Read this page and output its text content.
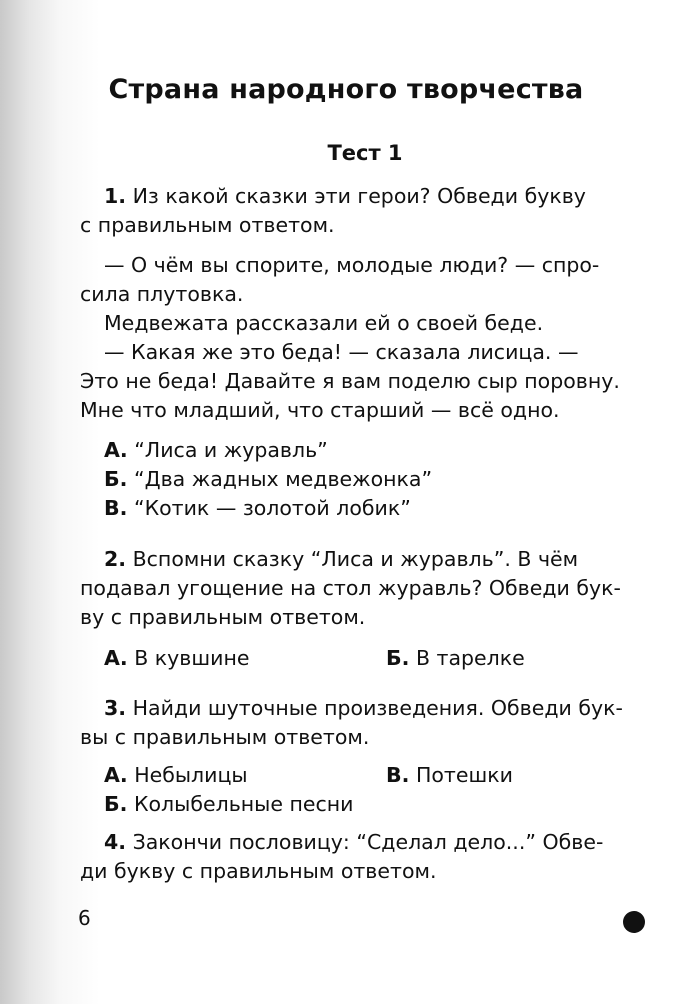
Страна народного творчества
Тест 1
1. Из какой сказки эти герои? Обведи букву
с правильным ответом.
— О чём вы спорите, молодые люди? — спро-
сила плутовка.
Медвежата рассказали ей о своей беде.
— Какая же это беда! — сказала лисица. —
Это не беда! Давайте я вам поделю сыр поровну.
Мне что младший, что старший — всё одно.
А. “Лиса и журавль”
Б. “Два жадных медвежонка”
В. “Котик — золотой лобик”
2. Вспомни сказку “Лиса и журавль”. В чём
подавал угощение на стол журавль? Обведи бук-
ву с правильным ответом.
А. В кувшине	Б. В тарелке
3. Найди шуточные произведения. Обведи бук-
вы с правильным ответом.
А. Небылицы	В. Потешки
Б. Колыбельные песни
4. Закончи пословицу: “Сделал дело...” Обве-
ди букву с правильным ответом.
6
